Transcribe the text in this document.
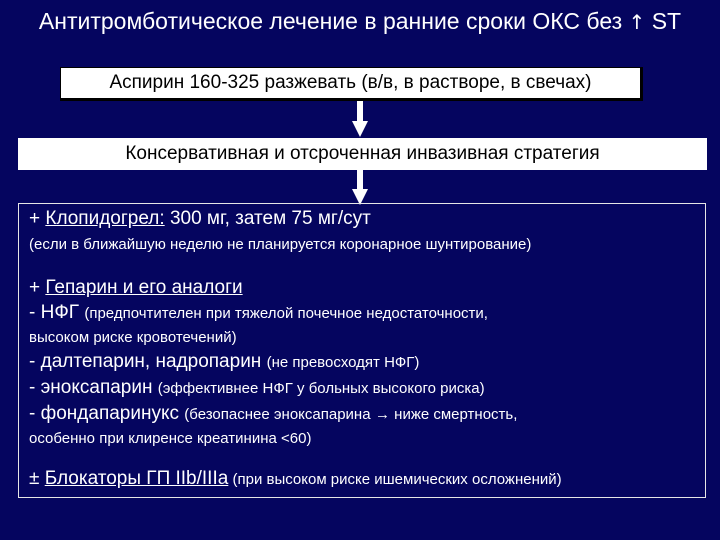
Антитромботическое лечение в ранние сроки ОКС без ↑ ST
Аспирин 160-325 разжевать (в/в, в растворе, в свечах)
Консервативная и отсроченная инвазивная стратегия
+ Клопидогрел: 300 мг, затем 75 мг/сут
(если в ближайшую неделю не планируется коронарное шунтирование)
+ Гепарин и его аналоги
- НФГ (предпочтителен при тяжелой почечное недостаточности,
высоком риске кровотечений)
- далтепарин, надропарин (не превосходят НФГ)
- эноксапарин (эффективнее НФГ у больных высокого риска)
- фондапаринукс (безопаснее эноксапарина → ниже смертность,
особенно при клиренсе креатинина <60)
± Блокаторы ГП IIb/IIIa (при высоком риске ишемических осложнений)
